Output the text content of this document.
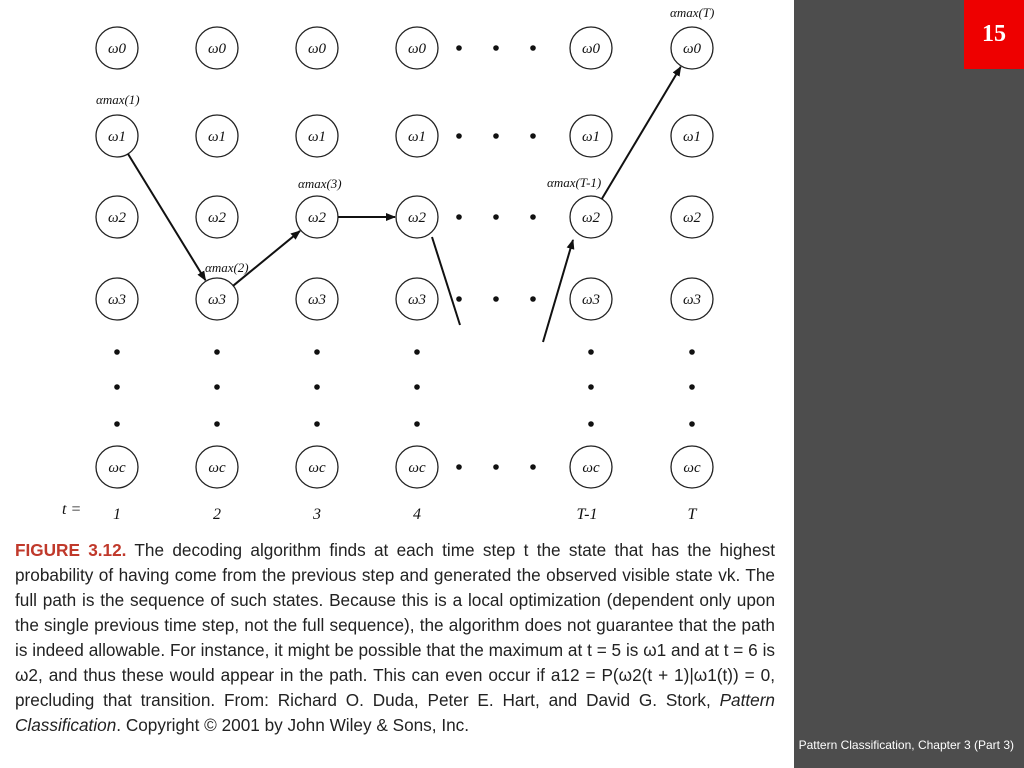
ω0
ω1
ω2
ω3
ωc
1
ω0
ω1
ω2
ω3
ωc
2
ω0
ω1
ω2
ω3
ωc
3
ω0
ω1
ω2
ω3
ωc
4
ω0
ω1
ω2
ω3
ωc
T-1
ω0
ω1
ω2
ω3
ωc
T
t =
αmax(1)
αmax(2)
αmax(3)	αmax(T-1)
αmax(T)

FIGURE 3.12. The decoding algorithm finds at each time step t the state that has the highest probability of having come from the previous step and generated the observed visible state vk. The full path is the sequence of such states. Because this is a local optimization (dependent only upon the single previous time step, not the full sequence), the algorithm does not guarantee that the path is indeed allowable. For instance, it might be possible that the maximum at t = 5 is ω1 and at t = 6 is ω2, and thus these would appear in the path. This can even occur if a12 = P(ω2(t + 1)|ω1(t)) = 0, precluding that transition. From: Richard O. Duda, Peter E. Hart, and David G. Stork, Pattern Classification. Copyright © 2001 by John Wiley & Sons, Inc.

15
Pattern Classification, Chapter 3 (Part 3)
